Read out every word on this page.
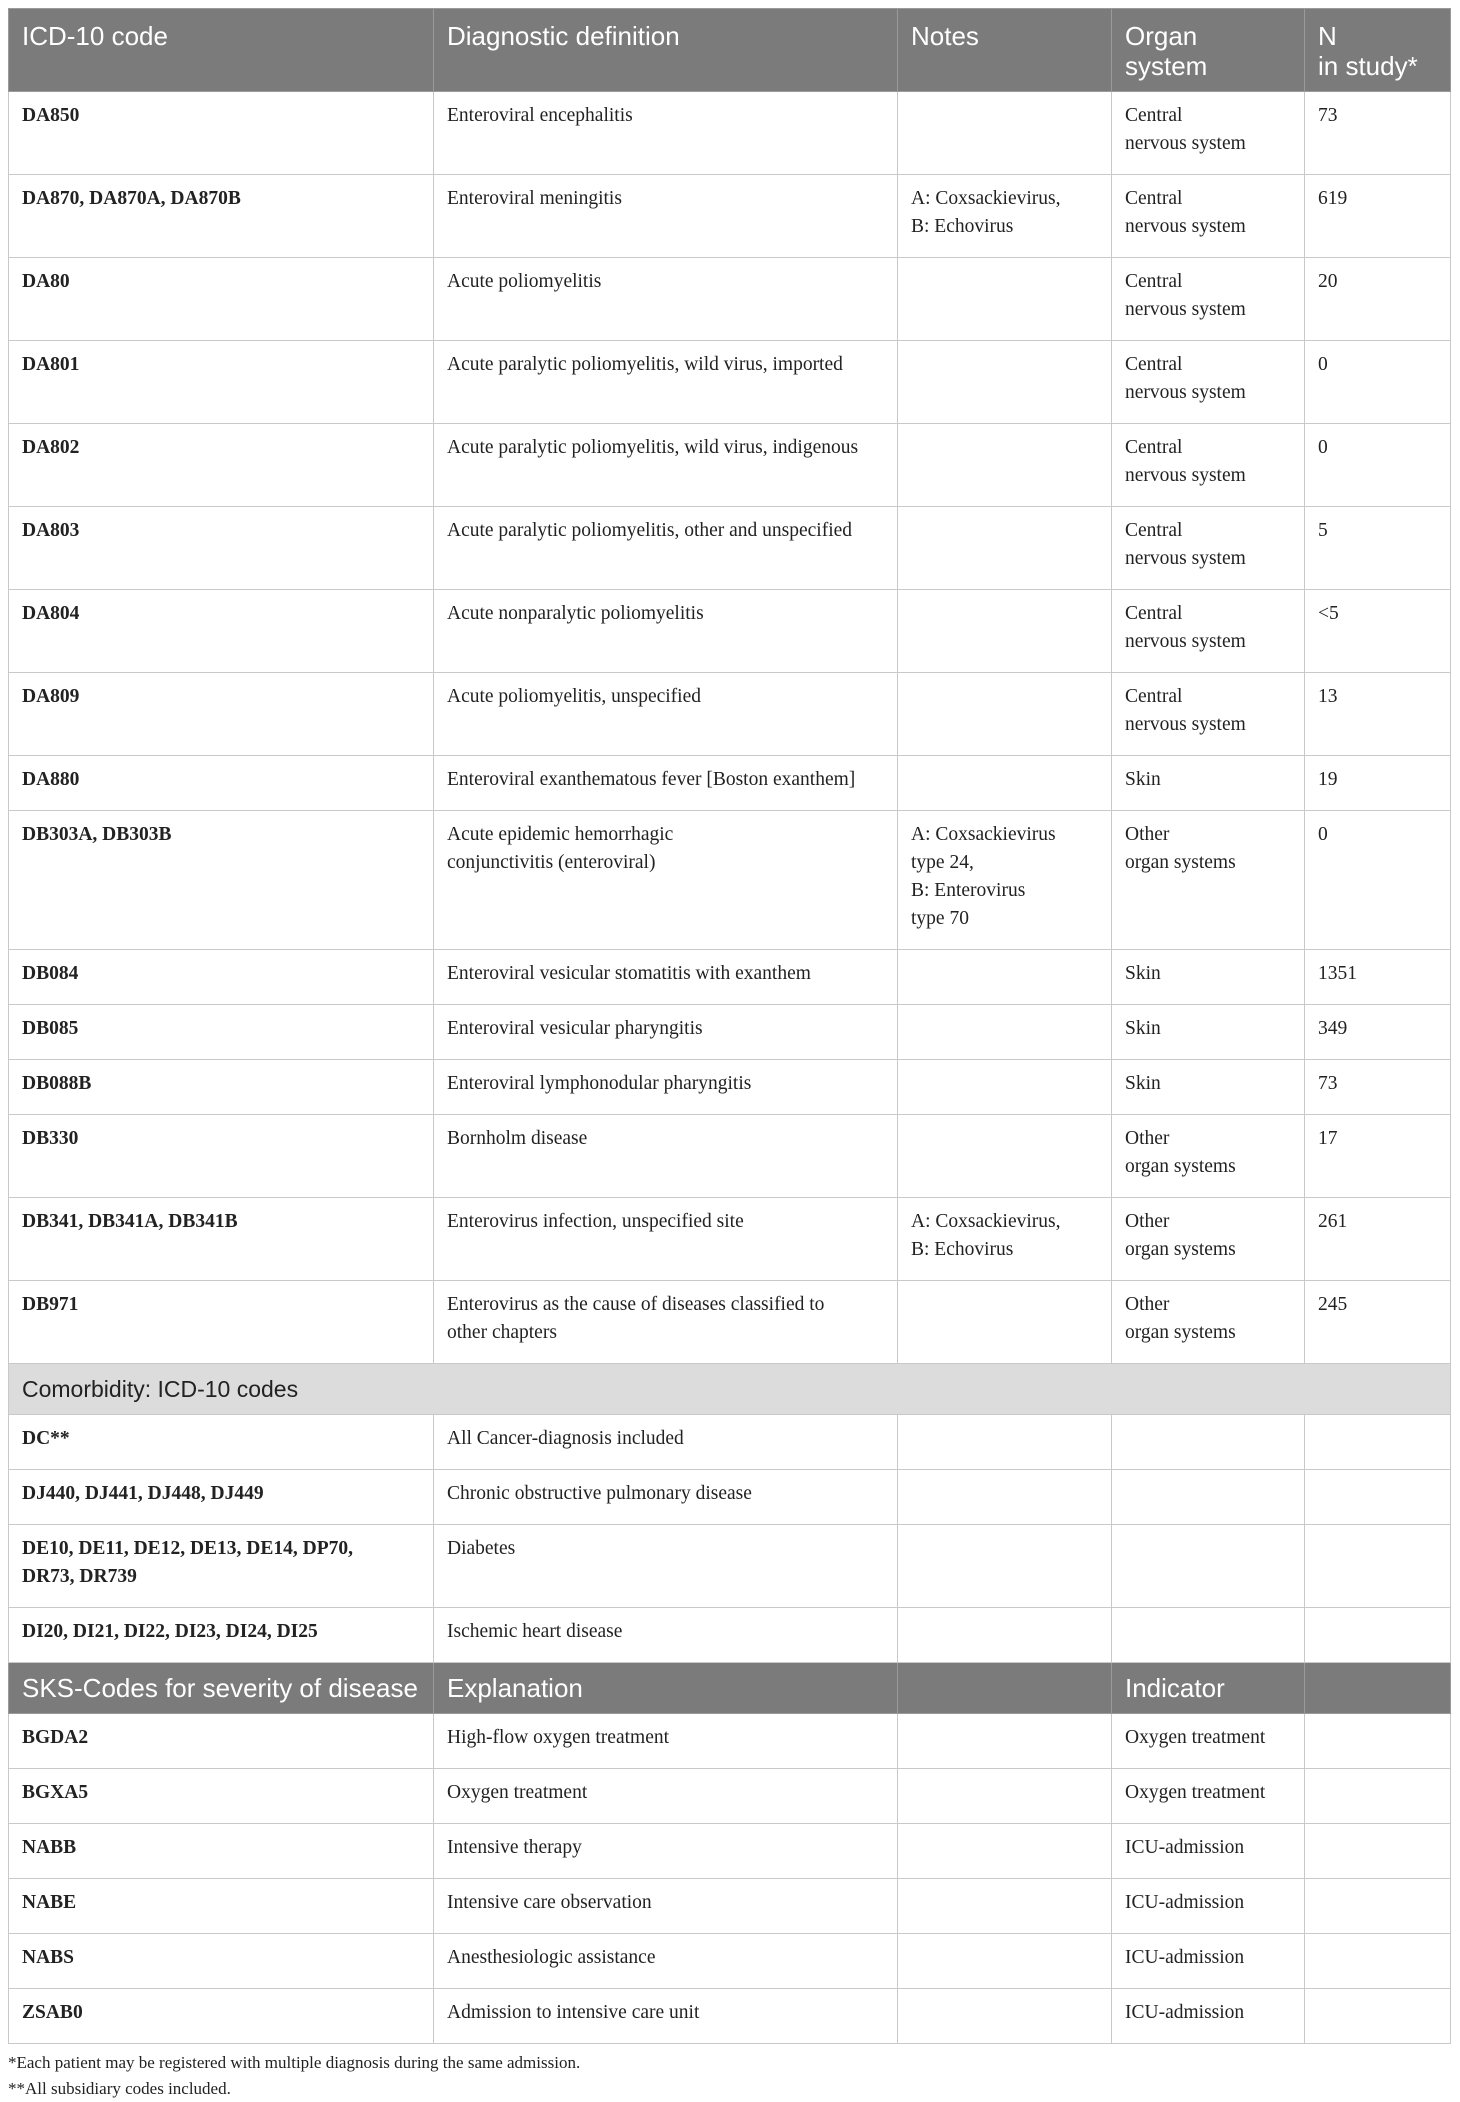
ICD-10 code	Diagnostic definition	Notes	Organ
system	N
in study*
DA850	Enteroviral encephalitis		Central
nervous system	73
DA870, DA870A, DA870B	Enteroviral meningitis	A: Coxsackievirus,
B: Echovirus	Central
nervous system	619
DA80	Acute poliomyelitis		Central
nervous system	20
DA801	Acute paralytic poliomyelitis, wild virus, imported		Central
nervous system	0
DA802	Acute paralytic poliomyelitis, wild virus, indigenous		Central
nervous system	0
DA803	Acute paralytic poliomyelitis, other and unspecified		Central
nervous system	5
DA804	Acute nonparalytic poliomyelitis		Central
nervous system	<5
DA809	Acute poliomyelitis, unspecified		Central
nervous system	13
DA880	Enteroviral exanthematous fever [Boston exanthem]		Skin	19
DB303A, DB303B	Acute epidemic hemorrhagic
conjunctivitis (enteroviral)	A: Coxsackievirus
type 24,
B: Enterovirus
type 70	Other
organ systems	0
DB084	Enteroviral vesicular stomatitis with exanthem		Skin	1351
DB085	Enteroviral vesicular pharyngitis		Skin	349
DB088B	Enteroviral lymphonodular pharyngitis		Skin	73
DB330	Bornholm disease		Other
organ systems	17
DB341, DB341A, DB341B	Enterovirus infection, unspecified site	A: Coxsackievirus,
B: Echovirus	Other
organ systems	261
DB971	Enterovirus as the cause of diseases classified to
other chapters		Other
organ systems	245
Comorbidity: ICD-10 codes				
DC**	All Cancer-diagnosis included			
DJ440, DJ441, DJ448, DJ449	Chronic obstructive pulmonary disease			
DE10, DE11, DE12, DE13, DE14, DP70,
DR73, DR739	Diabetes			
DI20, DI21, DI22, DI23, DI24, DI25	Ischemic heart disease			
SKS-Codes for severity of disease	Explanation		Indicator	
BGDA2	High-flow oxygen treatment		Oxygen treatment	
BGXA5	Oxygen treatment		Oxygen treatment	
NABB	Intensive therapy		ICU-admission	
NABE	Intensive care observation		ICU-admission	
NABS	Anesthesiologic assistance		ICU-admission	
ZSAB0	Admission to intensive care unit		ICU-admission	
*Each patient may be registered with multiple diagnosis during the same admission.
**All subsidiary codes included.
